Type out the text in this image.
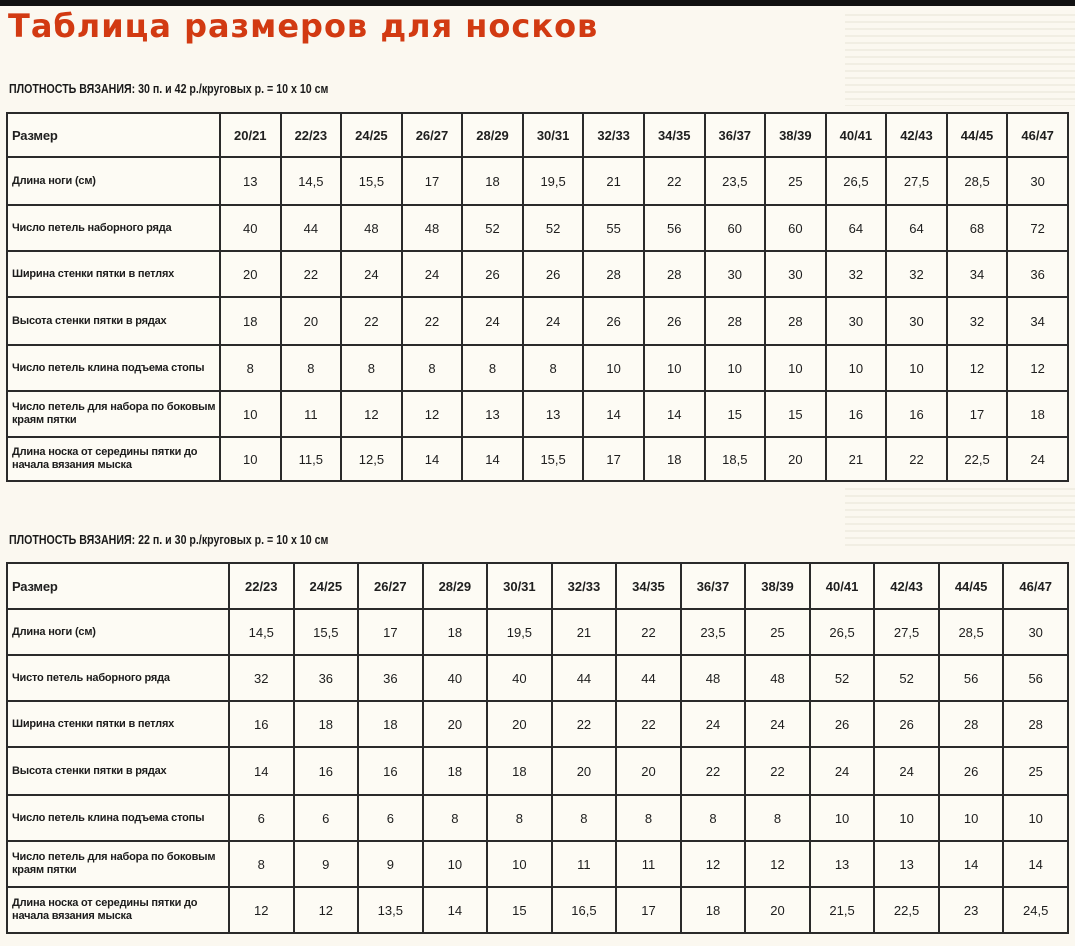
Таблица размеров для носков
ПЛОТНОСТЬ ВЯЗАНИЯ: 30 п. и 42 р./круговых р. = 10 х 10 см
Размер	20/21	22/23	24/25	26/27	28/29	30/31	32/33	34/35	36/37	38/39	40/41	42/43	44/45	46/47
Длина ноги (см)	13	14,5	15,5	17	18	19,5	21	22	23,5	25	26,5	27,5	28,5	30
Число петель наборного ряда	40	44	48	48	52	52	55	56	60	60	64	64	68	72
Ширина стенки пятки в петлях	20	22	24	24	26	26	28	28	30	30	32	32	34	36
Высота стенки пятки в рядах	18	20	22	22	24	24	26	26	28	28	30	30	32	34
Число петель клина подъема стопы	8	8	8	8	8	8	10	10	10	10	10	10	12	12
Число петель для набора по боковым краям пятки	10	11	12	12	13	13	14	14	15	15	16	16	17	18
Длина носка от середины пятки до начала вязания мыска	10	11,5	12,5	14	14	15,5	17	18	18,5	20	21	22	22,5	24
ПЛОТНОСТЬ ВЯЗАНИЯ: 22 п. и 30 р./круговых р. = 10 х 10 см
Размер	22/23	24/25	26/27	28/29	30/31	32/33	34/35	36/37	38/39	40/41	42/43	44/45	46/47
Длина ноги (см)	14,5	15,5	17	18	19,5	21	22	23,5	25	26,5	27,5	28,5	30
Чисто петель наборного ряда	32	36	36	40	40	44	44	48	48	52	52	56	56
Ширина стенки пятки в петлях	16	18	18	20	20	22	22	24	24	26	26	28	28
Высота стенки пятки в рядах	14	16	16	18	18	20	20	22	22	24	24	26	25
Число петель клина подъема стопы	6	6	6	8	8	8	8	8	8	10	10	10	10
Число петель для набора по боковым краям пятки	8	9	9	10	10	11	11	12	12	13	13	14	14
Длина носка от середины пятки до начала вязания мыска	12	12	13,5	14	15	16,5	17	18	20	21,5	22,5	23	24,5
